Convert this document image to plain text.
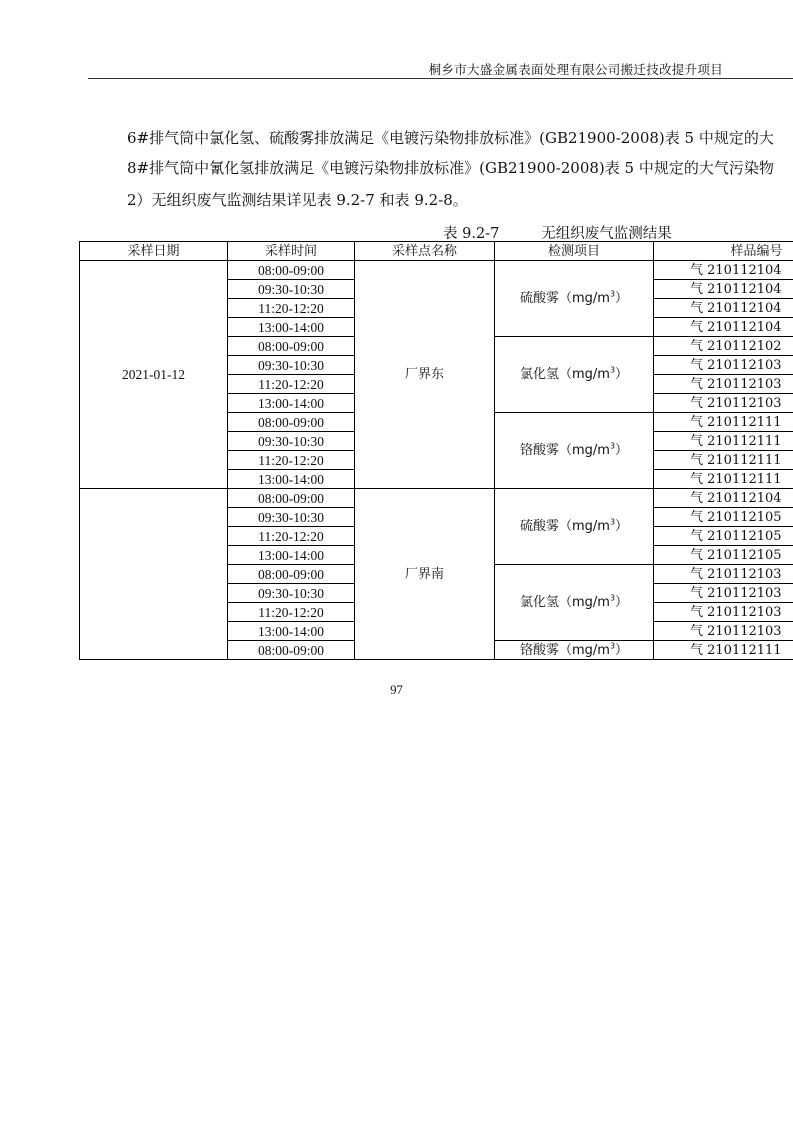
桐乡市大盛金属表面处理有限公司搬迁技改提升项目
6#排气筒中氯化氢、硫酸雾排放满足《电镀污染物排放标准》(GB21900-2008)表 5 中规定的大
8#排气筒中氰化氢排放满足《电镀污染物排放标准》(GB21900-2008)表 5 中规定的大气污染物
2）无组织废气监测结果详见表 9.2-7 和表 9.2-8。
表 9.2-7	无组织废气监测结果
采样日期	采样时间	采样点名称	检测项目	样品编号
2021-01-12	08:00-09:00	厂界东	硫酸雾$(mg/m^3)$	气 210112104
	09:30-10:30			气 210112104
	11:20-12:20			气 210112104
	13:00-14:00			气 210112104
	08:00-09:00		氯化氢$(mg/m^3)$	气 210112102
	09:30-10:30			气 210112103
	11:20-12:20			气 210112103
	13:00-14:00			气 210112103
	08:00-09:00		铬酸雾$(mg/m^3)$	气 210112111
	09:30-10:30			气 210112111
	11:20-12:20			气 210112111
	13:00-14:00			气 210112111
	08:00-09:00	厂界南	硫酸雾$(mg/m^3)$	气 210112104
	09:30-10:30			气 210112105
	11:20-12:20			气 210112105
	13:00-14:00			气 210112105
	08:00-09:00		氯化氢$(mg/m^3)$	气 210112103
	09:30-10:30			气 210112103
	11:20-12:20			气 210112103
	13:00-14:00			气 210112103
	08:00-09:00		铬酸雾$(mg/m^3)$	气 210112111
97
